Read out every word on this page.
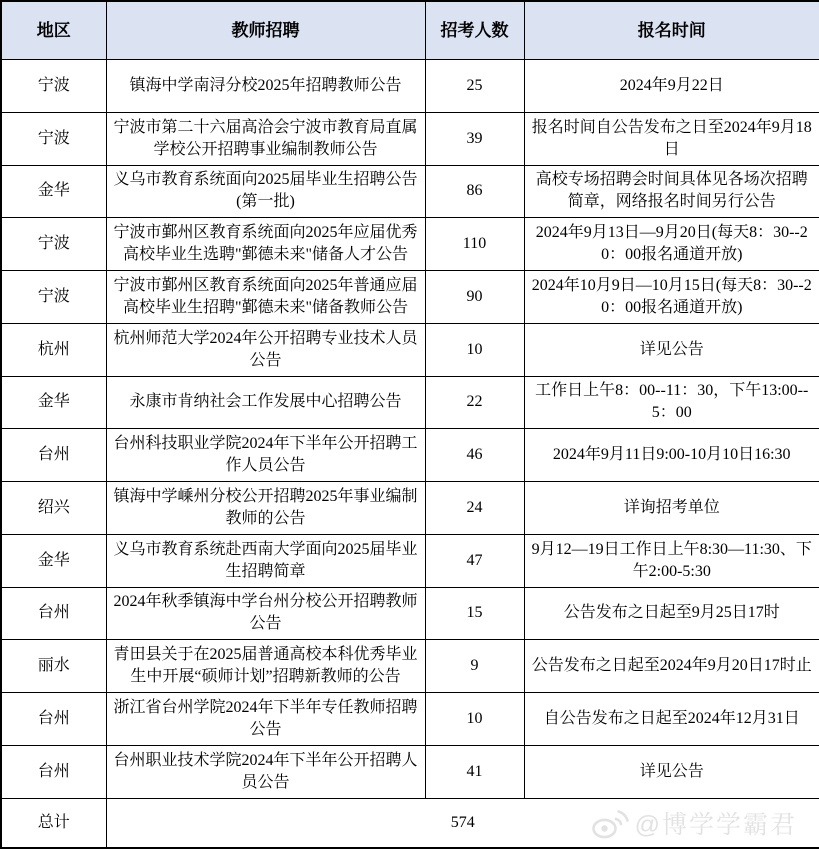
地区	教师招聘	招考人数	报名时间
宁波	镇海中学南浔分校2025年招聘教师公告	25	2024年9月22日
宁波	宁波市第二十六届高洽会宁波市教育局直属学校公开招聘事业编制教师公告	39	报名时间自公告发布之日至2024年9月18日
金华	义乌市教育系统面向2025届毕业生招聘公告(第一批)	86	高校专场招聘会时间具体见各场次招聘简章，网络报名时间另行公告
宁波	宁波市鄞州区教育系统面向2025年应届优秀高校毕业生选聘"鄞德未来"储备人才公告	110	2024年9月13日—9月20日(每天8：30--20：00报名通道开放)
宁波	宁波市鄞州区教育系统面向2025年普通应届高校毕业生招聘"鄞德未来"储备教师公告	90	2024年10月9日—10月15日(每天8：30--20：00报名通道开放)
杭州	杭州师范大学2024年公开招聘专业技术人员公告	10	详见公告
金华	永康市肯纳社会工作发展中心招聘公告	22	工作日上午8：00--11：30，下午13:00--5：00
台州	台州科技职业学院2024年下半年公开招聘工作人员公告	46	2024年9月11日9:00-10月10日16:30
绍兴	镇海中学嵊州分校公开招聘2025年事业编制教师的公告	24	详询招考单位
金华	义乌市教育系统赴西南大学面向2025届毕业生招聘简章	47	9月12—19日工作日上午8:30—11:30、下午2:00-5:30
台州	2024年秋季镇海中学台州分校公开招聘教师公告	15	公告发布之日起至9月25日17时
丽水	青田县关于在2025届普通高校本科优秀毕业生中开展“硕师计划”招聘新教师的公告	9	公告发布之日起至2024年9月20日17时止
台州	浙江省台州学院2024年下半年专任教师招聘公告	10	自公告发布之日起至2024年12月31日
台州	台州职业技术学院2024年下半年公开招聘人员公告	41	详见公告
总计	574			@博学学霸君
